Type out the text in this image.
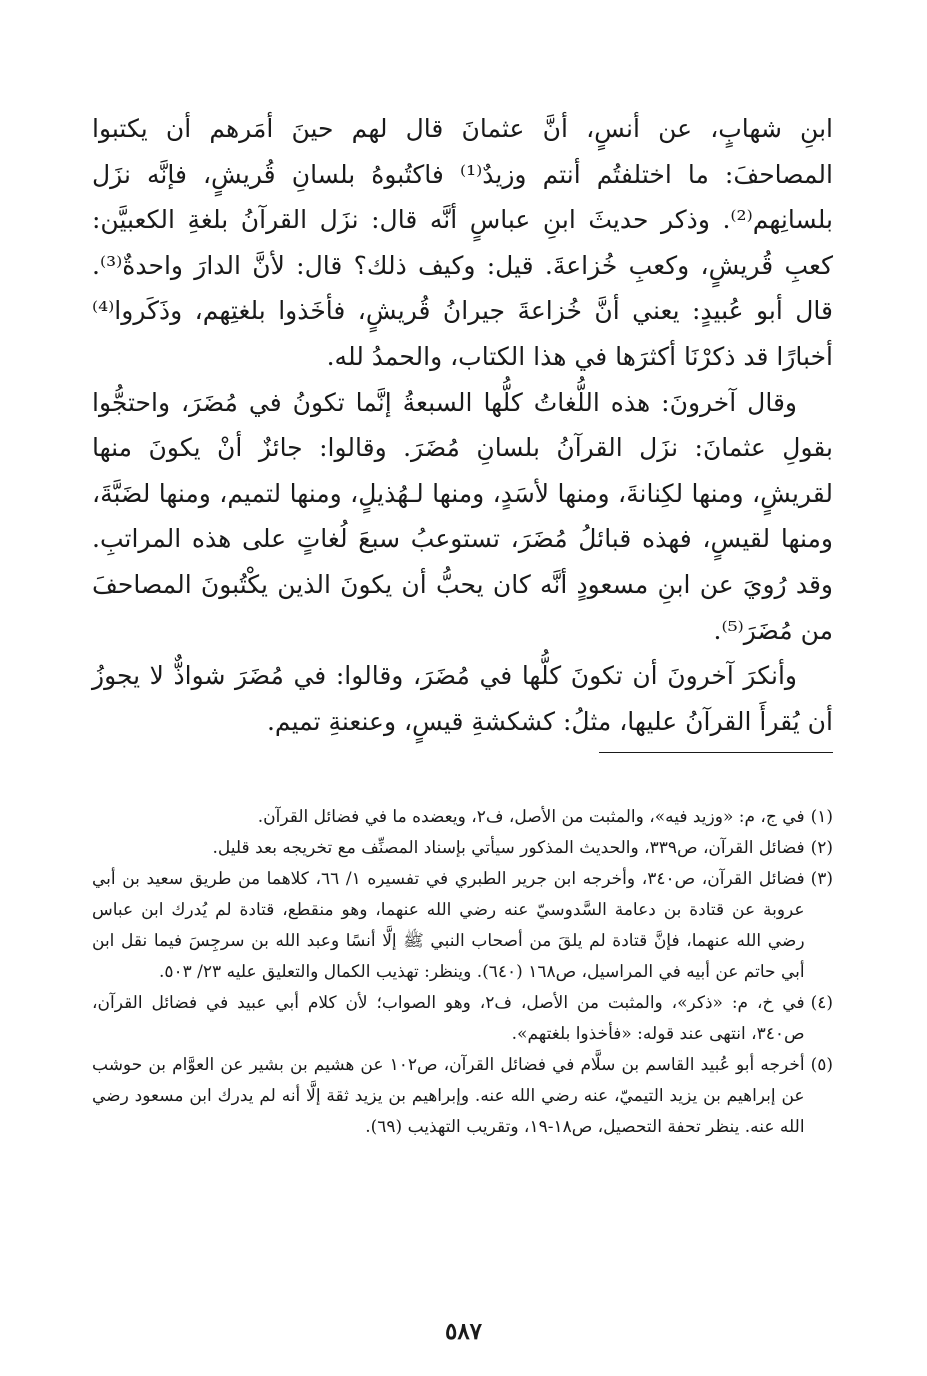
ابنِ شهابٍ، عن أنسٍ، أنَّ عثمانَ قال لهم حينَ أمَرهم أن يكتبوا المصاحفَ: ما اختلفتُم أنتم وزيدٌ⁽¹⁾ فاكتُبوهُ بلسانِ قُريشٍ، فإنَّه نزَل بلسانِهم⁽²⁾. وذكر حديثَ ابنِ عباسٍ أنَّه قال: نزَل القرآنُ بلغةِ الكعبيَّن: كعبِ قُريشٍ، وكعبِ خُزاعةَ. قيل: وكيف ذلك؟ قال: لأنَّ الدارَ واحدةٌ⁽³⁾. قال أبو عُبيدٍ: يعني أنَّ خُزاعةَ جيرانُ قُريشٍ، فأخَذوا بلغتِهم، وذَكَروا⁽⁴⁾ أخبارًا قد ذكرْنَا أكثرَها في هذا الكتاب، والحمدُ لله.

وقال آخرونَ: هذه اللُّغاتُ كلُّها السبعةُ إنَّما تكونُ في مُضَرَ، واحتجُّوا بقولِ عثمانَ: نزَل القرآنُ بلسانِ مُضَرَ. وقالوا: جائزٌ أنْ يكونَ منها لقريشٍ، ومنها لكِنانةَ، ومنها لأسَدٍ، ومنها لـهُذيلٍ، ومنها لتميم، ومنها لضَبَّةَ، ومنها لقيسٍ، فهذه قبائلُ مُضَرَ، تستوعبُ سبعَ لُغاتٍ على هذه المراتبِ. وقد رُويَ عن ابنِ مسعودٍ أنَّه كان يحبُّ أن يكونَ الذين يكْتُبونَ المصاحفَ من مُضَرَ⁽⁵⁾.

وأنكرَ آخرونَ أن تكونَ كلُّها في مُضَرَ، وقالوا: في مُضَرَ شواذٌّ لا يجوزُ أن يُقرأَ القرآنُ عليها، مثلُ: كشكشةِ قيسٍ، وعنعنةِ تميم.

(١)
في ج، م: «وزيد فيه»، والمثبت من الأصل، ف٢، ويعضده ما في فضائل القرآن.
(٢)
فضائل القرآن، ص٣٣٩، والحديث المذكور سيأتي بإسناد المصنِّف مع تخريجه بعد قليل.
(٣)
فضائل القرآن، ص٣٤٠، وأخرجه ابن جرير الطبري في تفسيره ١/ ٦٦، كلاهما من طريق سعيد بن أبي عروبة عن قتادة بن دعامة السَّدوسيّ عنه رضي الله عنهما، وهو منقطع، قتادة لم يُدرك ابن عباس رضي الله عنهما، فإنَّ قتادة لم يلقَ من أصحاب النبي ﷺ إلَّا أنسًا وعبد الله بن سرجِسَ فيما نقل ابن أبي حاتم عن أبيه في المراسيل، ص١٦٨ (٦٤٠). وينظر: تهذيب الكمال والتعليق عليه ٢٣/ ٥٠٣.
(٤)
في خ، م: «ذكر»، والمثبت من الأصل، ف٢، وهو الصواب؛ لأن كلام أبي عبيد في فضائل القرآن، ص٣٤٠، انتهى عند قوله: «فأخذوا بلغتهم».
(٥)
أخرجه أبو عُبيد القاسم بن سلَّام في فضائل القرآن، ص١٠٢ عن هشيم بن بشير عن العوَّام بن حوشب عن إبراهيم بن يزيد التيميّ، عنه رضي الله عنه. وإبراهيم بن يزيد ثقة إلَّا أنه لم يدرك ابن مسعود رضي الله عنه. ينظر تحفة التحصيل، ص١٨-١٩، وتقريب التهذيب (٦٩).
٥٨٧
